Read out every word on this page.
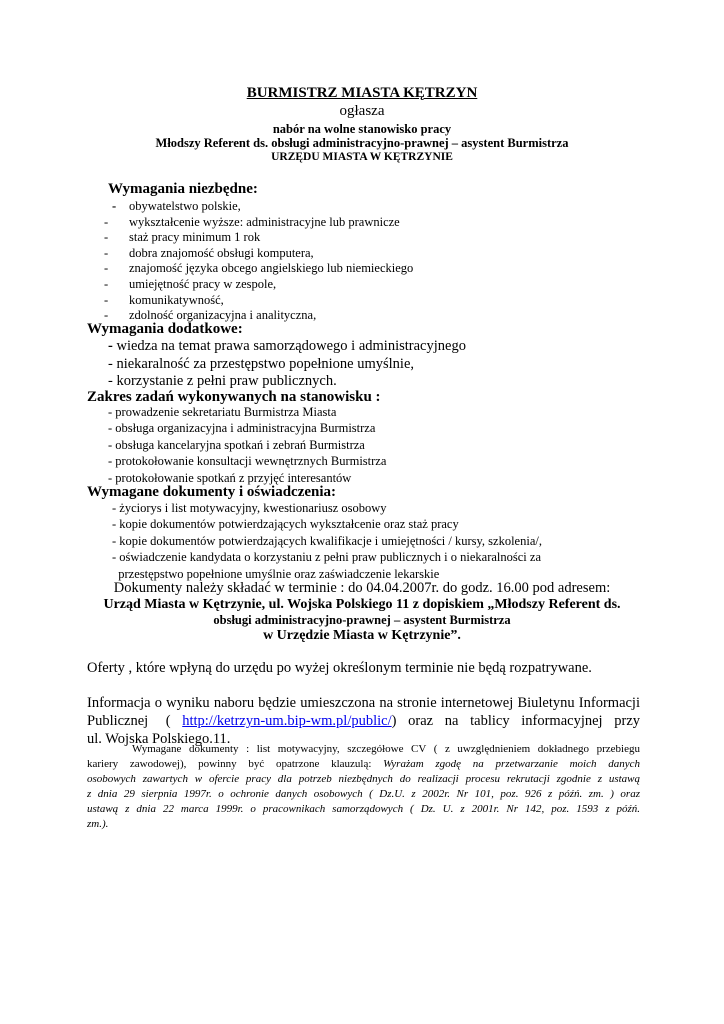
BURMISTRZ MIASTA KĘTRZYN
ogłasza
nabór na wolne stanowisko pracy
Młodszy Referent ds. obsługi administracyjno-prawnej – asystent Burmistrza
URZĘDU MIASTA W KĘTRZYNIE
Wymagania niezbędne:
- obywatelstwo polskie,
- wykształcenie wyższe: administracyjne lub prawnicze
- staż pracy minimum 1 rok
- dobra znajomość obsługi komputera,
- znajomość języka obcego angielskiego lub niemieckiego
- umiejętność pracy w zespole,
- komunikatywność,
- zdolność organizacyjna i analityczna,
Wymagania dodatkowe:
- wiedza na temat prawa samorządowego i administracyjnego
- niekaralność za przestępstwo popełnione umyślnie,
- korzystanie z pełni praw publicznych.
Zakres zadań wykonywanych na stanowisku :
- prowadzenie sekretariatu Burmistrza Miasta
- obsługa organizacyjna i administracyjna Burmistrza
- obsługa kancelaryjna spotkań i zebrań Burmistrza
- protokołowanie konsultacji wewnętrznych Burmistrza
- protokołowanie spotkań z przyjęć interesantów
Wymagane dokumenty i oświadczenia:
- życiorys i list motywacyjny, kwestionariusz osobowy
- kopie dokumentów potwierdzających wykształcenie oraz staż pracy
- kopie dokumentów potwierdzających kwalifikacje i umiejętności / kursy, szkolenia/,
- oświadczenie kandydata o korzystaniu z pełni praw publicznych i o niekaralności za
przestępstwo popełnione umyślnie oraz zaświadczenie lekarskie
Dokumenty należy składać w terminie : do 04.04.2007r. do godz. 16.00 pod adresem:
Urząd Miasta w Kętrzynie, ul. Wojska Polskiego 11 z dopiskiem „Młodszy Referent ds.
obsługi administracyjno-prawnej – asystent Burmistrza
w Urzędzie Miasta w Kętrzynie”.
Oferty , które wpłyną do urzędu po wyżej określonym terminie nie będą rozpatrywane.
Informacja o wyniku naboru będzie umieszczona na stronie internetowej Biuletynu Informacji
Publicznej   (  http://ketrzyn-um.bip-wm.pl/public/)  oraz  na  tablicy  informacyjnej  przy
ul. Wojska Polskiego.11.
Wymagane dokumenty : list motywacyjny, szczegółowe CV ( z uwzględnieniem dokładnego przebiegu
kariery zawodowej), powinny być opatrzone klauzulą: Wyrażam zgodę na przetwarzanie moich danych
osobowych zawartych w ofercie pracy dla potrzeb niezbędnych do realizacji procesu rekrutacji zgodnie z ustawą
z dnia 29 sierpnia 1997r. o ochronie danych osobowych ( Dz.U. z 2002r. Nr 101, poz. 926 z późń. zm. ) oraz
ustawą z dnia 22 marca 1999r. o pracownikach samorządowych ( Dz. U. z 2001r. Nr 142, poz. 1593 z późń.
zm.).
